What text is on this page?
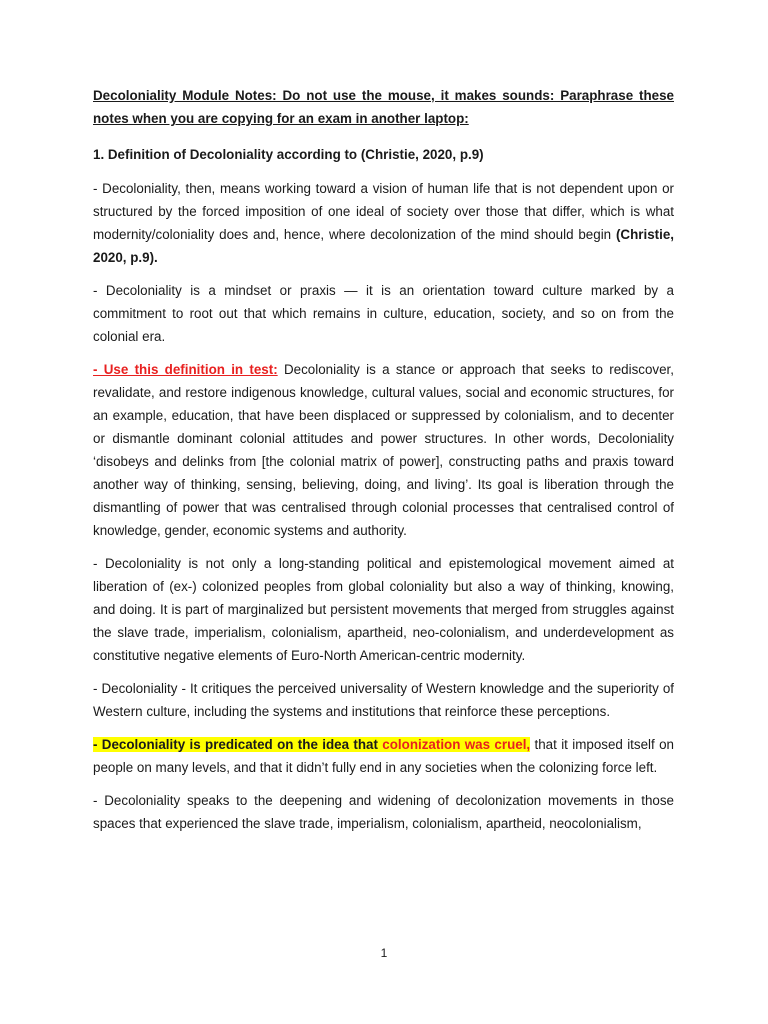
Decoloniality Module Notes: Do not use the mouse, it makes sounds: Paraphrase these notes when you are copying for an exam in another laptop:

1. Definition of Decoloniality according to (Christie, 2020, p.9)

- Decoloniality, then, means working toward a vision of human life that is not dependent upon or structured by the forced imposition of one ideal of society over those that differ, which is what modernity/coloniality does and, hence, where decolonization of the mind should begin (Christie, 2020, p.9).

- Decoloniality is a mindset or praxis — it is an orientation toward culture marked by a commitment to root out that which remains in culture, education, society, and so on from the colonial era.

- Use this definition in test: Decoloniality is a stance or approach that seeks to rediscover, revalidate, and restore indigenous knowledge, cultural values, social and economic structures, for an example, education, that have been displaced or suppressed by colonialism, and to decenter or dismantle dominant colonial attitudes and power structures. In other words, Decoloniality ‘disobeys and delinks from [the colonial matrix of power], constructing paths and praxis toward another way of thinking, sensing, believing, doing, and living’. Its goal is liberation through the dismantling of power that was centralised through colonial processes that centralised control of knowledge, gender, economic systems and authority.

- Decoloniality is not only a long-standing political and epistemological movement aimed at liberation of (ex-) colonized peoples from global coloniality but also a way of thinking, knowing, and doing. It is part of marginalized but persistent movements that merged from struggles against the slave trade, imperialism, colonialism, apartheid, neo-colonialism, and underdevelopment as constitutive negative elements of Euro-North American-centric modernity.

- Decoloniality - It critiques the perceived universality of Western knowledge and the superiority of Western culture, including the systems and institutions that reinforce these perceptions.

- Decoloniality is predicated on the idea that colonization was cruel, that it imposed itself on people on many levels, and that it didn’t fully end in any societies when the colonizing force left.

- Decoloniality speaks to the deepening and widening of decolonization movements in those spaces that experienced the slave trade, imperialism, colonialism, apartheid, neocolonialism,

1
